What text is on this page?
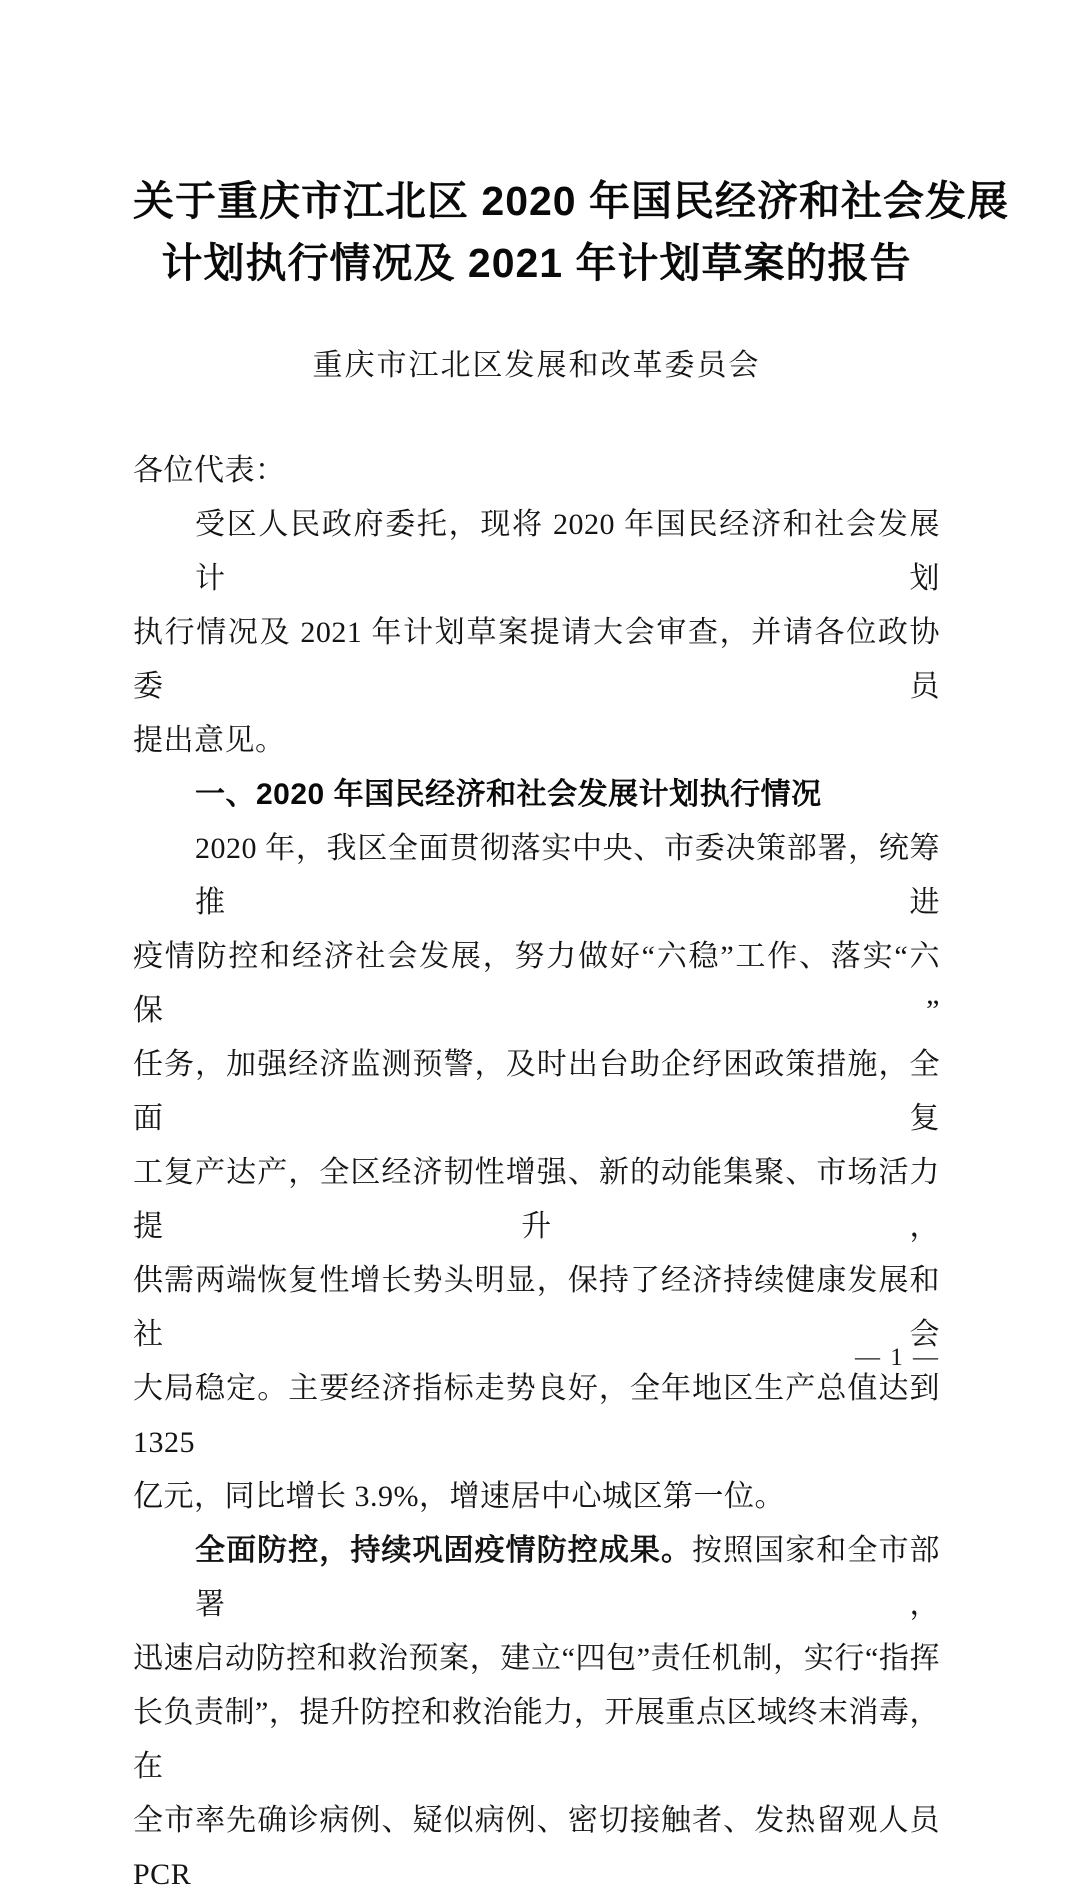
关于重庆市江北区 2020 年国民经济和社会发展
计划执行情况及 2021 年计划草案的报告
重庆市江北区发展和改革委员会
各位代表：
受区人民政府委托，现将 2020 年国民经济和社会发展计划
执行情况及 2021 年计划草案提请大会审查，并请各位政协委员
提出意见。
一、2020 年国民经济和社会发展计划执行情况
2020 年，我区全面贯彻落实中央、市委决策部署，统筹推进
疫情防控和经济社会发展，努力做好“六稳”工作、落实“六保”
任务，加强经济监测预警，及时出台助企纾困政策措施，全面复
工复产达产，全区经济韧性增强、新的动能集聚、市场活力提升，
供需两端恢复性增长势头明显，保持了经济持续健康发展和社会
大局稳定。主要经济指标走势良好，全年地区生产总值达到 1325
亿元，同比增长 3.9%，增速居中心城区第一位。
全面防控，持续巩固疫情防控成果。按照国家和全市部署，
迅速启动防控和救治预案，建立“四包”责任机制，实行“指挥
长负责制”，提升防控和救治能力，开展重点区域终末消毒，在
全市率先确诊病例、疑似病例、密切接触者、发热留观人员 PCR
— 1 —
